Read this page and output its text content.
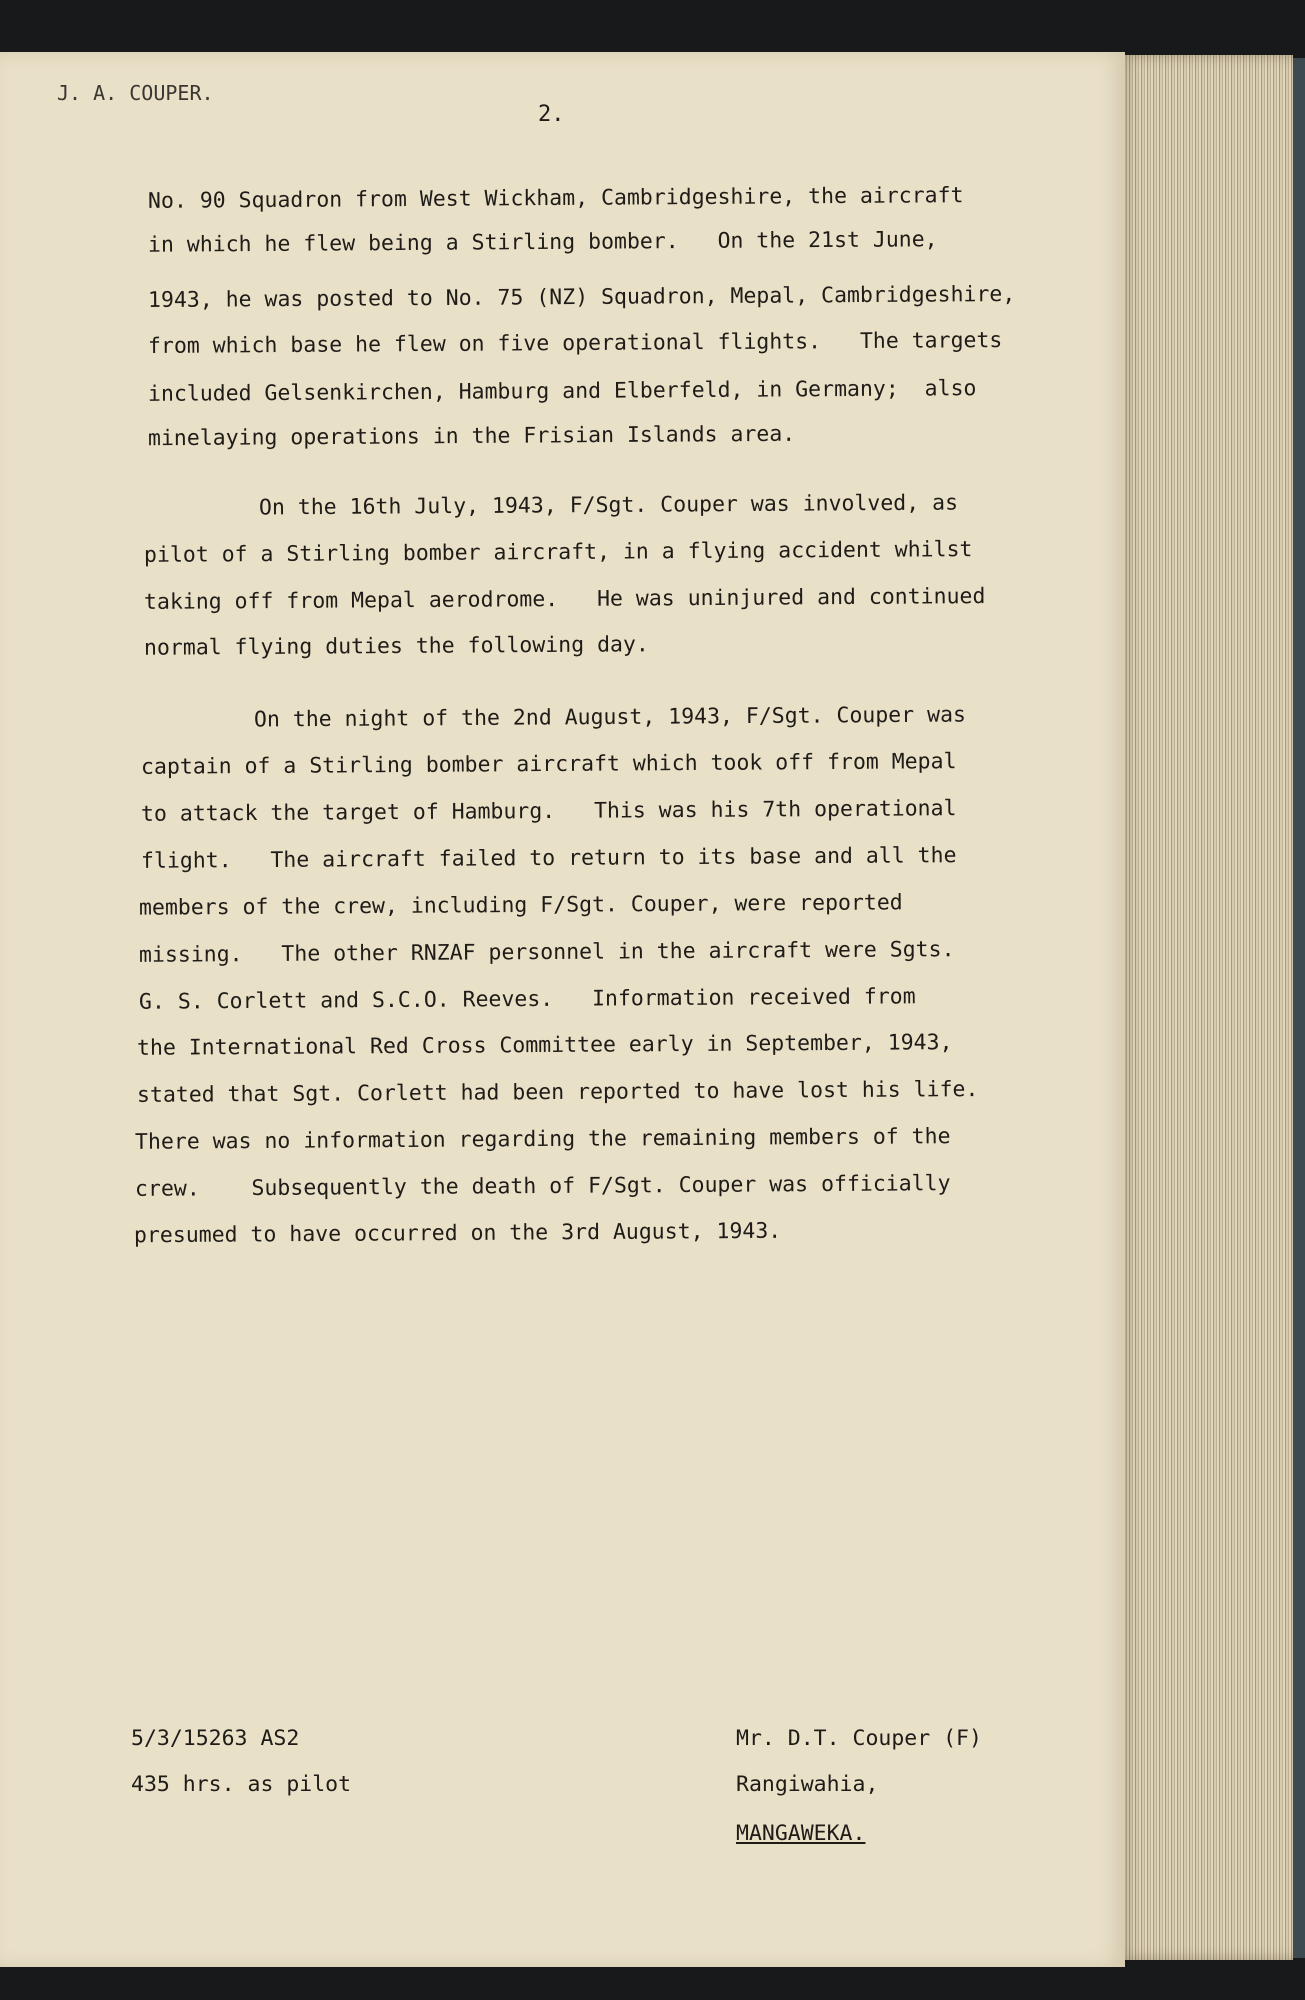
J. A. COUPER.
2.
No. 90 Squadron from West Wickham, Cambridgeshire, the aircraft
in which he flew being a Stirling bomber.   On the 21st June,
1943, he was posted to No. 75 (NZ) Squadron, Mepal, Cambridgeshire,
from which base he flew on five operational flights.   The targets
included Gelsenkirchen, Hamburg and Elberfeld, in Germany;  also
minelaying operations in the Frisian Islands area.
On the 16th July, 1943, F/Sgt. Couper was involved, as
pilot of a Stirling bomber aircraft, in a flying accident whilst
taking off from Mepal aerodrome.   He was uninjured and continued
normal flying duties the following day.
On the night of the 2nd August, 1943, F/Sgt. Couper was
captain of a Stirling bomber aircraft which took off from Mepal
to attack the target of Hamburg.   This was his 7th operational
flight.   The aircraft failed to return to its base and all the
members of the crew, including F/Sgt. Couper, were reported
missing.   The other RNZAF personnel in the aircraft were Sgts.
G. S. Corlett and S.C.O. Reeves.   Information received from
the International Red Cross Committee early in September, 1943,
stated that Sgt. Corlett had been reported to have lost his life.
There was no information regarding the remaining members of the
crew.    Subsequently the death of F/Sgt. Couper was officially
presumed to have occurred on the 3rd August, 1943.
5/3/15263 AS2
435 hrs. as pilot
Mr. D.T. Couper (F)
Rangiwahia,
MANGAWEKA.
